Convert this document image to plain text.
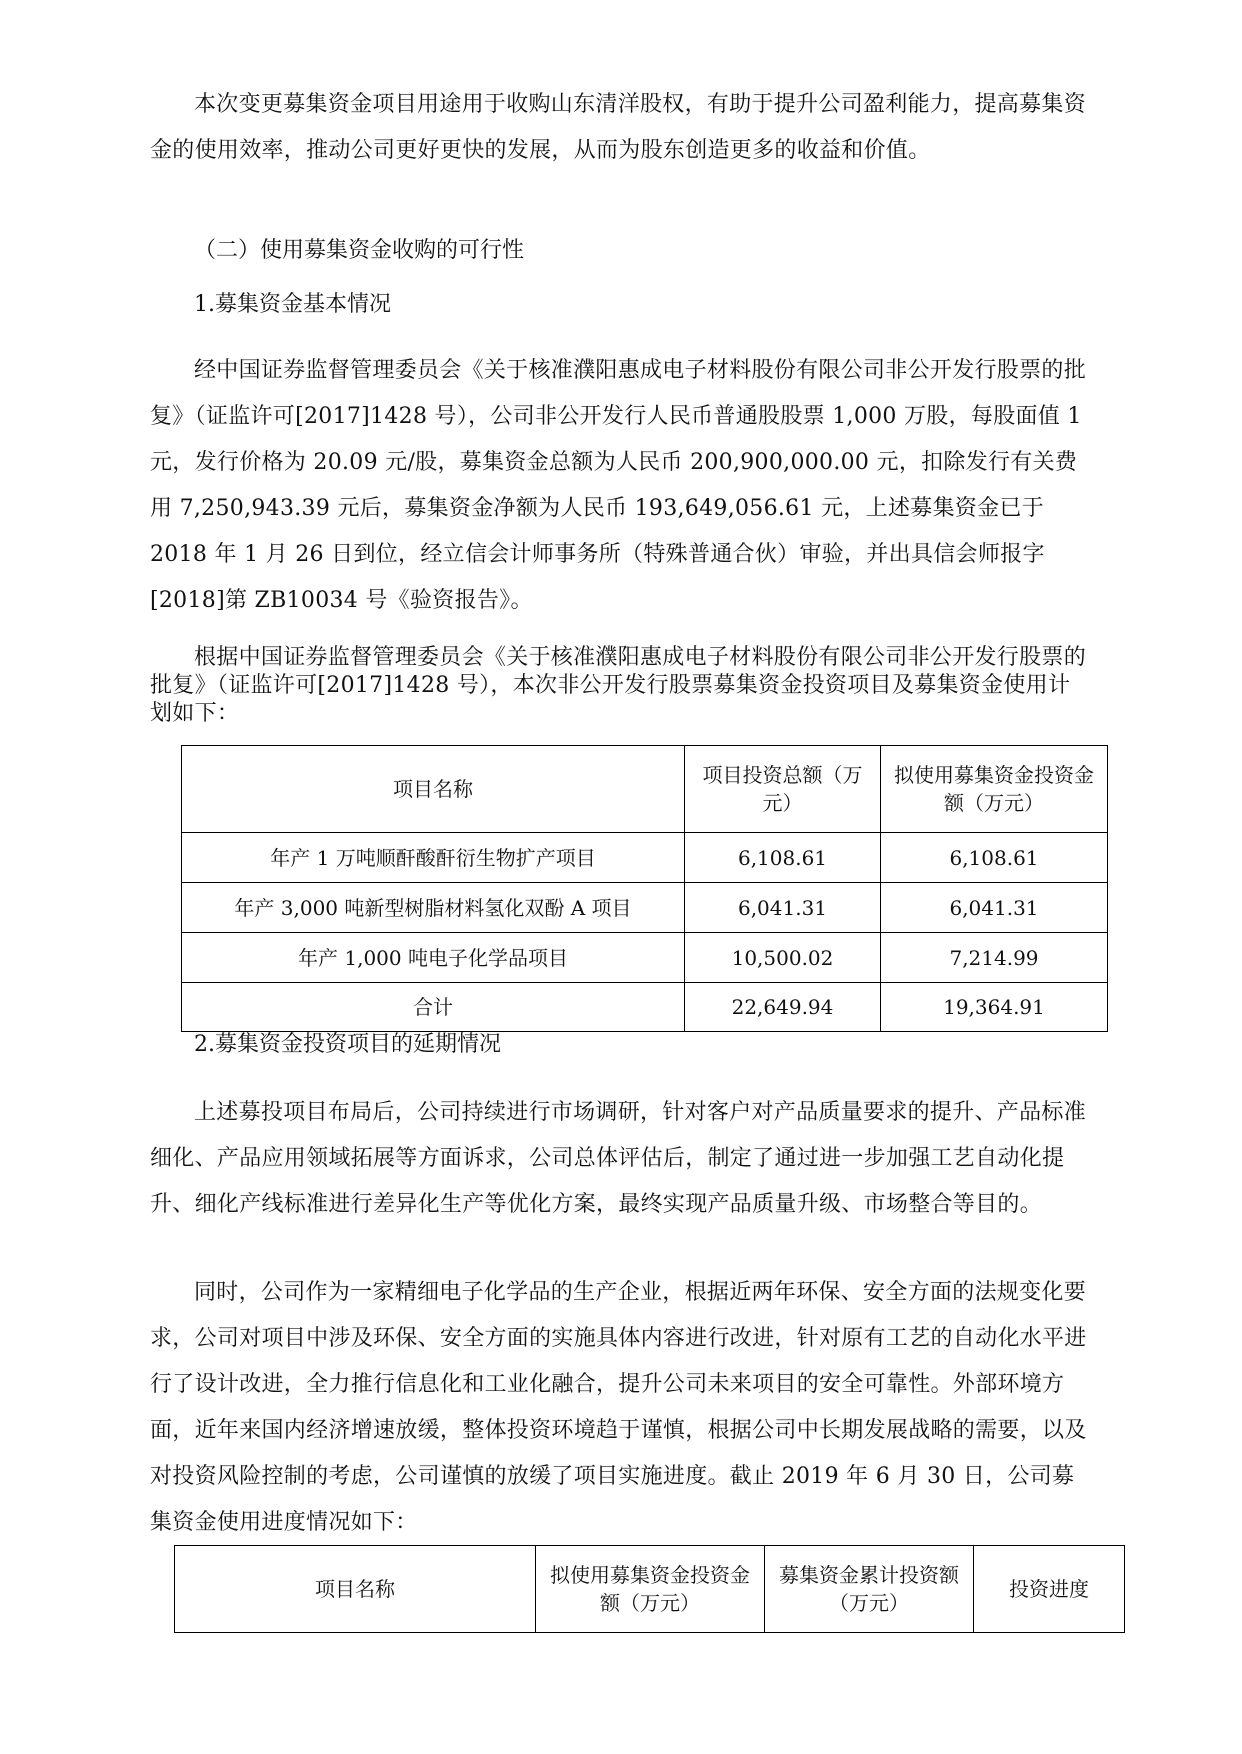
本次变更募集资金项目用途用于收购山东清洋股权，有助于提升公司盈利能力，提高募集资金的使用效率，推动公司更好更快的发展，从而为股东创造更多的收益和价值。

（二）使用募集资金收购的可行性

1.募集资金基本情况

经中国证券监督管理委员会《关于核准濮阳惠成电子材料股份有限公司非公开发行股票的批复》（证监许可[2017]1428 号），公司非公开发行人民币普通股股票 1,000 万股，每股面值 1 元，发行价格为 20.09 元/股，募集资金总额为人民币 200,900,000.00 元，扣除发行有关费用 7,250,943.39 元后，募集资金净额为人民币 193,649,056.61 元，上述募集资金已于 2018 年 1 月 26 日到位，经立信会计师事务所（特殊普通合伙）审验，并出具信会师报字[2018]第 ZB10034 号《验资报告》。

根据中国证券监督管理委员会《关于核准濮阳惠成电子材料股份有限公司非公开发行股票的批复》（证监许可[2017]1428 号），本次非公开发行股票募集资金投资项目及募集资金使用计划如下：

项目名称	项目投资总额（万元）	拟使用募集资金投资金额（万元）
年产 1 万吨顺酐酸酐衍生物扩产项目	6,108.61	6,108.61
年产 3,000 吨新型树脂材料氢化双酚 A 项目	6,041.31	6,041.31
年产 1,000 吨电子化学品项目	10,500.02	7,214.99
合计	22,649.94	19,364.91

2.募集资金投资项目的延期情况

上述募投项目布局后，公司持续进行市场调研，针对客户对产品质量要求的提升、产品标准细化、产品应用领域拓展等方面诉求，公司总体评估后，制定了通过进一步加强工艺自动化提升、细化产线标准进行差异化生产等优化方案，最终实现产品质量升级、市场整合等目的。

同时，公司作为一家精细电子化学品的生产企业，根据近两年环保、安全方面的法规变化要求，公司对项目中涉及环保、安全方面的实施具体内容进行改进，针对原有工艺的自动化水平进行了设计改进，全力推行信息化和工业化融合，提升公司未来项目的安全可靠性。外部环境方面，近年来国内经济增速放缓，整体投资环境趋于谨慎，根据公司中长期发展战略的需要，以及对投资风险控制的考虑，公司谨慎的放缓了项目实施进度。截止 2019 年 6 月 30 日，公司募集资金使用进度情况如下：

项目名称	拟使用募集资金投资金额（万元）	募集资金累计投资额（万元）	投资进度
